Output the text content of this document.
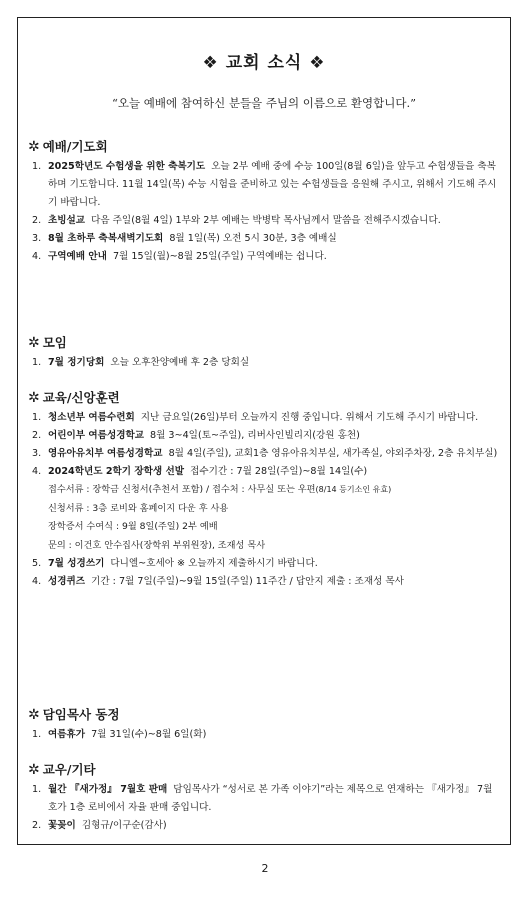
❖ 교회 소식 ❖
“오늘 예배에 참여하신 분들을 주님의 이름으로 환영합니다.”
✲ 예배/기도회
1. 2025학년도 수험생을 위한 축복기도 오늘 2부 예배 중에 수능 100일(8월 6일)을 앞두고 수험생들을 축복하며 기도합니다. 11월 14일(목) 수능 시험을 준비하고 있는 수험생들을 응원해 주시고, 위해서 기도해 주시기 바랍니다.
2. 초빙설교 다음 주일(8월 4일) 1부와 2부 예배는 박병탁 목사님께서 말씀을 전해주시겠습니다.
3. 8월 초하루 축복새벽기도회 8월 1일(목) 오전 5시 30분, 3층 예배실
4. 구역예배 안내 7월 15일(월)~8월 25일(주일) 구역예배는 쉽니다.
✲ 모임
1. 7월 정기당회 오늘 오후찬양예배 후 2층 당회실
✲ 교육/신앙훈련
1. 청소년부 여름수련회 지난 금요일(26일)부터 오늘까지 진행 중입니다. 위해서 기도해 주시기 바랍니다.
2. 어린이부 여름성경학교 8월 3~4일(토~주일), 리버사인빌리지(강원 홍천)
3. 영유아유치부 여름성경학교 8월 4일(주일), 교회1층 영유아유치부실, 새가족실, 야외주차장, 2층 유치부실)
4. 2024학년도 2학기 장학생 선발 접수기간 : 7월 28일(주일)~8월 14일(수)
접수서류 : 장학금 신청서(추천서 포함) / 접수처 : 사무실 또는 우편(8/14 등기소인 유효)
신청서류 : 3층 로비와 홈페이지 다운 후 사용
장학증서 수여식 : 9월 8일(주일) 2부 예배
문의 : 이건호 안수집사(장학위 부위원장), 조재성 목사
5. 7월 성경쓰기 다니엘~호세아 ※ 오늘까지 제출하시기 바랍니다.
4. 성경퀴즈 기간 : 7월 7일(주일)~9월 15일(주일) 11주간 / 답안지 제출 : 조재성 목사
✲ 담임목사 동정
1. 여름휴가 7월 31일(수)~8월 6일(화)
✲ 교우/기타
1. 월간 『새가정』 7월호 판매 담임목사가 “성서로 본 가족 이야기”라는 제목으로 연재하는 『새가정』 7월호가 1층 로비에서 자율 판매 중입니다.
2. 꽃꽂이 김형규/이구순(감사)
2
